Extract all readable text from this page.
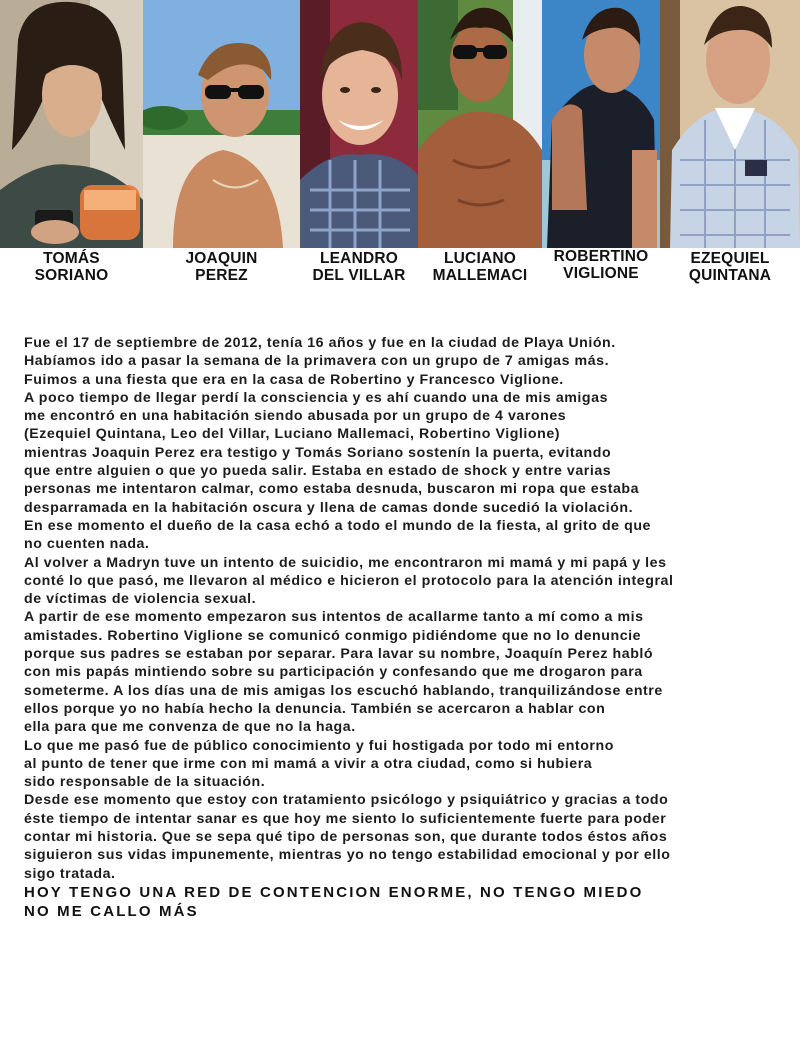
TOMÁS
SORIANO
JOAQUIN
PEREZ
LEANDRO
DEL VILLAR
LUCIANO
MALLEMACI
ROBERTINO
VIGLIONE
EZEQUIEL
QUINTANA

Fue el 17 de septiembre de 2012, tenía 16 años y fue en la ciudad de Playa Unión.

Habíamos ido a pasar la semana de la primavera con un grupo de 7 amigas más.

Fuimos a una fiesta que era en la casa de Robertino y Francesco Viglione.

A poco tiempo de llegar perdí la consciencia y es ahí cuando una de mis amigas

me encontró en una habitación siendo abusada por un grupo de 4 varones

(Ezequiel Quintana, Leo del Villar, Luciano Mallemaci, Robertino Viglione)

mientras Joaquin Perez era testigo y Tomás Soriano sostenín la puerta, evitando

que entre alguien o que yo pueda salir. Estaba en estado de shock y entre varias

personas me intentaron calmar, como estaba desnuda, buscaron mi ropa que estaba

desparramada en la habitación oscura y llena de camas donde sucedió la violación.

En ese momento el dueño de la casa echó a todo el mundo de la fiesta, al grito de que

no cuenten nada.

Al volver a Madryn tuve un intento de suicidio, me encontraron mi mamá y mi papá y les

conté lo que pasó, me llevaron al médico e hicieron el protocolo para la atención integral

de víctimas de violencia sexual.

A partir de ese momento empezaron sus intentos de acallarme tanto a mí como a mis

amistades. Robertino Viglione se comunicó conmigo pidiéndome que no lo denuncie

porque sus padres se estaban por separar. Para lavar su nombre, Joaquín Perez habló

con mis papás mintiendo sobre su participación y confesando que me drogaron para

someterme. A los días una de mis amigas los escuchó hablando, tranquilizándose entre

ellos porque yo no había hecho la denuncia. También se acercaron a hablar con

ella para que me convenza de que no la haga.

Lo que me pasó fue de público conocimiento y fui hostigada por todo mi entorno

al punto de tener que irme con mi mamá a vivir a otra ciudad, como si hubiera

sido responsable de la situación.

Desde ese momento que estoy con tratamiento psicólogo y psiquiátrico y gracias a todo

éste tiempo de intentar sanar es que hoy me siento lo suficientemente fuerte para poder

contar mi historia. Que se sepa qué tipo de personas son, que durante todos éstos años

siguieron sus vidas impunemente, mientras yo no tengo estabilidad emocional y por ello

sigo tratada.

HOY TENGO UNA RED DE CONTENCION ENORME, NO TENGO MIEDO

NO ME CALLO MÁS
